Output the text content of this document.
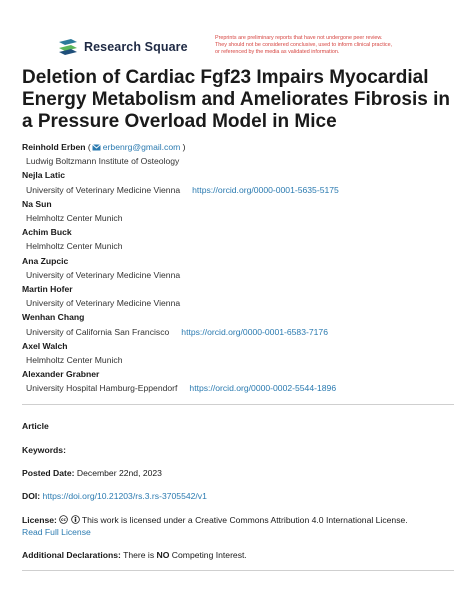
Research Square
Preprints are preliminary reports that have not undergone peer review.
They should not be considered conclusive, used to inform clinical practice,
or referenced by the media as validated information.
Deletion of Cardiac Fgf23 Impairs Myocardial Energy Metabolism and Ameliorates Fibrosis in a Pressure Overload Model in Mice
Reinhold Erben ( erbenrg@gmail.com )
Ludwig Boltzmann Institute of Osteology
Nejla Latic
University of Veterinary Medicine Vienna https://orcid.org/0000-0001-5635-5175
Na Sun
Helmholtz Center Munich
Achim Buck
Helmholtz Center Munich
Ana Zupcic
University of Veterinary Medicine Vienna
Martin Hofer
University of Veterinary Medicine Vienna
Wenhan Chang
University of California San Francisco https://orcid.org/0000-0001-6583-7176
Axel Walch
Helmholtz Center Munich
Alexander Grabner
University Hospital Hamburg-Eppendorf https://orcid.org/0000-0002-5544-1896
Article
Keywords:
Posted Date: December 22nd, 2023
DOI: https://doi.org/10.21203/rs.3.rs-3705542/v1
License: cc This work is licensed under a Creative Commons Attribution 4.0 International License.
Read Full License
Additional Declarations: There is NO Competing Interest.
